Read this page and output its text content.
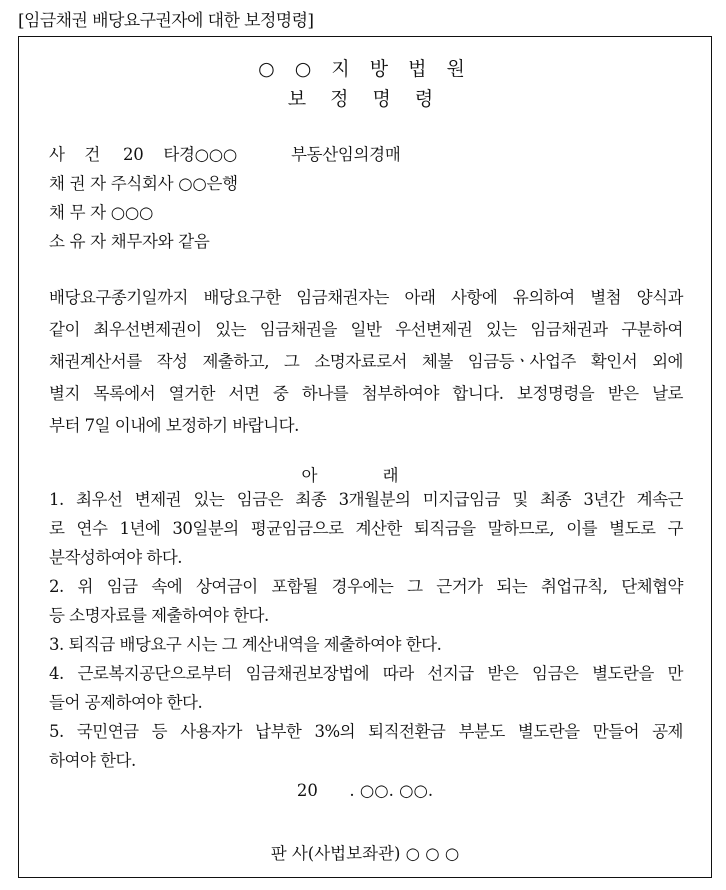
[임금채권 배당요구권자에 대한 보정명령]
○ ○ 지 방 법 원
보 정 명 령
사    건 20 타경○○○	부동산임의경매
채 권 자 주식회사 ○○은행
채 무 자 ○○○
소 유 자 채무자와 같음
배당요구종기일까지 배당요구한 임금채권자는 아래 사항에 유의하여 별첨 양식과
같이 최우선변제권이 있는 임금채권을 일반 우선변제권 있는 임금채권과 구분하여
채권계산서를 작성 제출하고, 그 소명자료로서 체불 임금등ㆍ사업주 확인서 외에
별지 목록에서 열거한 서면 중 하나를 첨부하여야 합니다. 보정명령을 받은 날로
부터 7일 이내에 보정하기 바랍니다.
아 래
1. 최우선 변제권 있는 임금은 최종 3개월분의 미지급임금 및 최종 3년간 계속근
로 연수 1년에 30일분의 평균임금으로 계산한 퇴직금을 말하므로, 이를 별도로 구
분작성하여야 하다.
2. 위 임금 속에 상여금이 포함될 경우에는 그 근거가 되는 취업규칙, 단체협약
등 소명자료를 제출하여야 한다.
3. 퇴직금 배당요구 시는 그 계산내역을 제출하여야 한다.
4. 근로복지공단으로부터 임금채권보장법에 따라 선지급 받은 임금은 별도란을 만
들어 공제하여야 한다.
5. 국민연금 등 사용자가 납부한 3%의 퇴직전환금 부분도 별도란을 만들어 공제
하여야 한다.
20      . ○○. ○○.
판 사(사법보좌관) ○ ○ ○
